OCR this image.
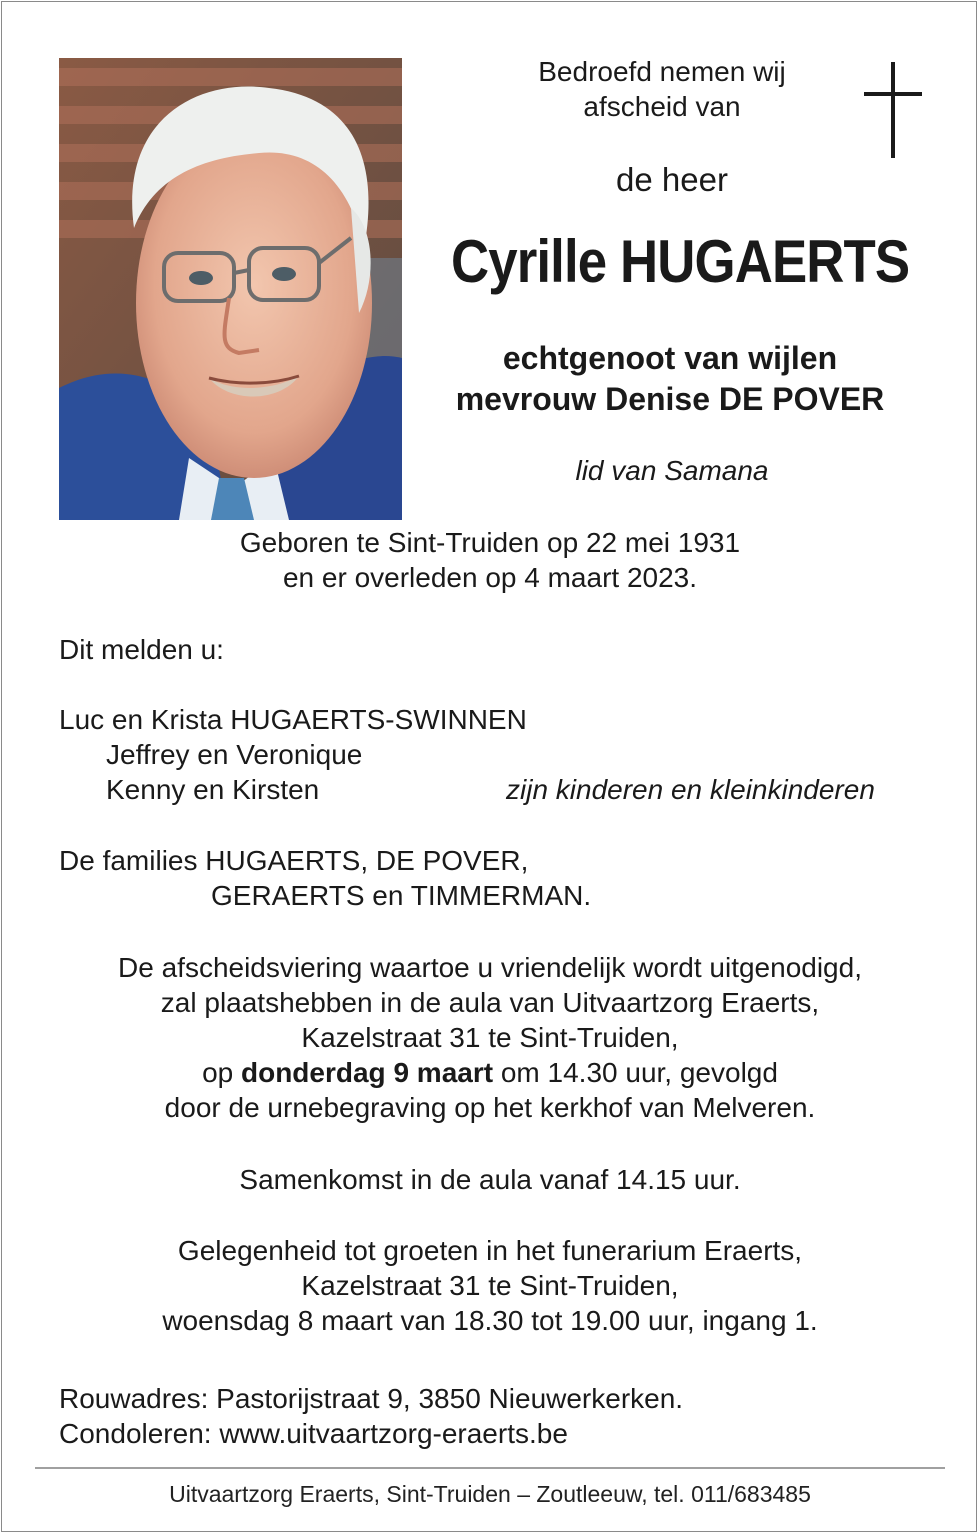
Bedroefd nemen wij
afscheid van
de heer
Cyrille HUGAERTS
echtgenoot van wijlen
mevrouw Denise DE POVER
lid van Samana
Geboren te Sint-Truiden op 22 mei 1931
en er overleden op 4 maart 2023.
Dit melden u:
Luc en Krista HUGAERTS-SWINNEN
Jeffrey en Veronique
Kenny en Kirsten	zijn kinderen en kleinkinderen
De families HUGAERTS, DE POVER,
GERAERTS en TIMMERMAN.
De afscheidsviering waartoe u vriendelijk wordt uitgenodigd,
zal plaatshebben in de aula van Uitvaartzorg Eraerts,
Kazelstraat 31 te Sint-Truiden,
op donderdag 9 maart om 14.30 uur, gevolgd
door de urnebegraving op het kerkhof van Melveren.
Samenkomst in de aula vanaf 14.15 uur.
Gelegenheid tot groeten in het funerarium Eraerts,
Kazelstraat 31 te Sint-Truiden,
woensdag 8 maart van 18.30 tot 19.00 uur, ingang 1.
Rouwadres: Pastorijstraat 9, 3850 Nieuwerkerken.
Condoleren: www.uitvaartzorg-eraerts.be
Uitvaartzorg Eraerts, Sint-Truiden – Zoutleeuw, tel. 011/683485
